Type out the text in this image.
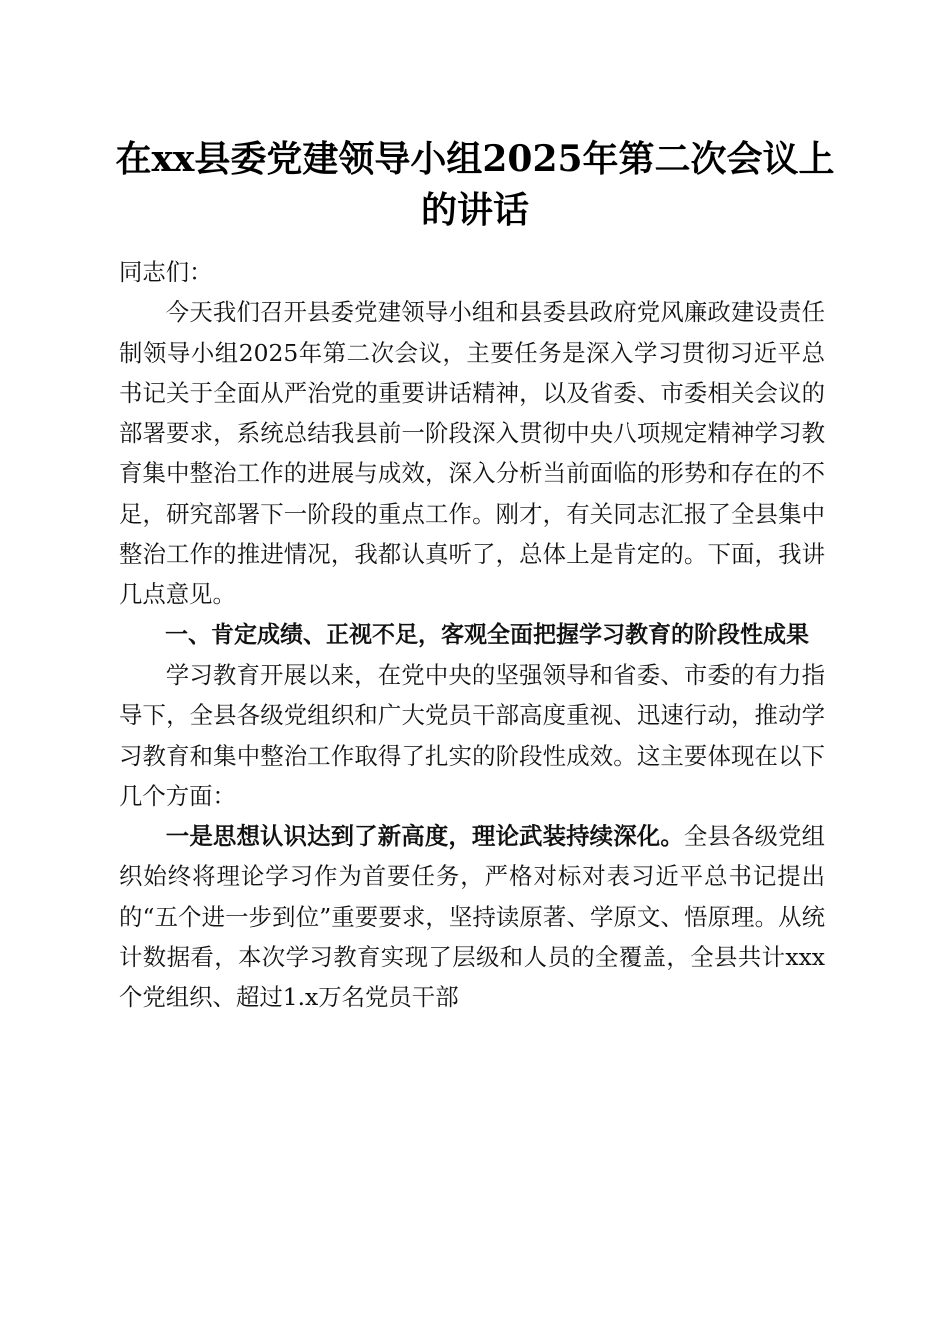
在xx县委党建领导小组2025年第二次会议上的讲话

同志们：

今天我们召开县委党建领导小组和县委县政府党风廉政建设责任制领导小组2025年第二次会议，主要任务是深入学习贯彻习近平总书记关于全面从严治党的重要讲话精神，以及省委、市委相关会议的部署要求，系统总结我县前一阶段深入贯彻中央八项规定精神学习教育集中整治工作的进展与成效，深入分析当前面临的形势和存在的不足，研究部署下一阶段的重点工作。刚才，有关同志汇报了全县集中整治工作的推进情况，我都认真听了，总体上是肯定的。下面，我讲几点意见。

一、肯定成绩、正视不足，客观全面把握学习教育的阶段性成果

学习教育开展以来，在党中央的坚强领导和省委、市委的有力指导下，全县各级党组织和广大党员干部高度重视、迅速行动，推动学习教育和集中整治工作取得了扎实的阶段性成效。这主要体现在以下几个方面：

一是思想认识达到了新高度，理论武装持续深化。全县各级党组织始终将理论学习作为首要任务，严格对标对表习近平总书记提出的“五个进一步到位”重要要求，坚持读原著、学原文、悟原理。从统计数据看，本次学习教育实现了层级和人员的全覆盖，全县共计xxx个党组织、超过1.x万名党员干部
